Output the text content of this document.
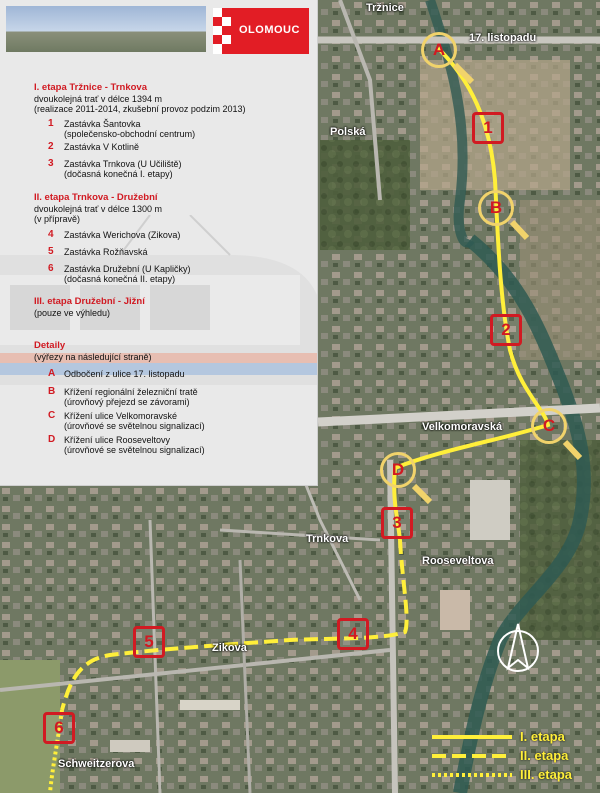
OLOMOUC
I. etapa Tržnice - Trnkova
dvoukolejná trať v délce 1394 m
(realizace 2011-2014, zkušební provoz podzim 2013)
1 Zastávka Šantovka
(společensko-obchodní centrum)
2 Zastávka V Kotlině
3 Zastávka Trnkova (U Učiliště)
(dočasná konečná I. etapy)
II. etapa Trnkova - Družební
dvoukolejná trať v délce 1300 m
(v přípravě)
4 Zastávka Werichova (Zikova)
5 Zastávka Rožňavská
6 Zastávka Družební (U Kapličky)
(dočasná konečná II. etapy)
III. etapa Družební - Jižní
(pouze ve výhledu)
Detaily
(výřezy na následující straně)
A Odbočení z ulice 17. listopadu
B Křížení regionální železniční tratě
(úrovňový přejezd se závorami)
C Křížení ulice Velkomoravské
(úrovňové se světelnou signalizací)
D Křížení ulice Rooseveltovy
(úrovňové se světelnou signalizací)
Tržnice
17. listopadu
Polská
Velkomoravská
Trnkova
Rooseveltova
Zikova
Schweitzerova
1
2
3
4
5
6
A
B
C
D
I. etapa
II. etapa
III. etapa
